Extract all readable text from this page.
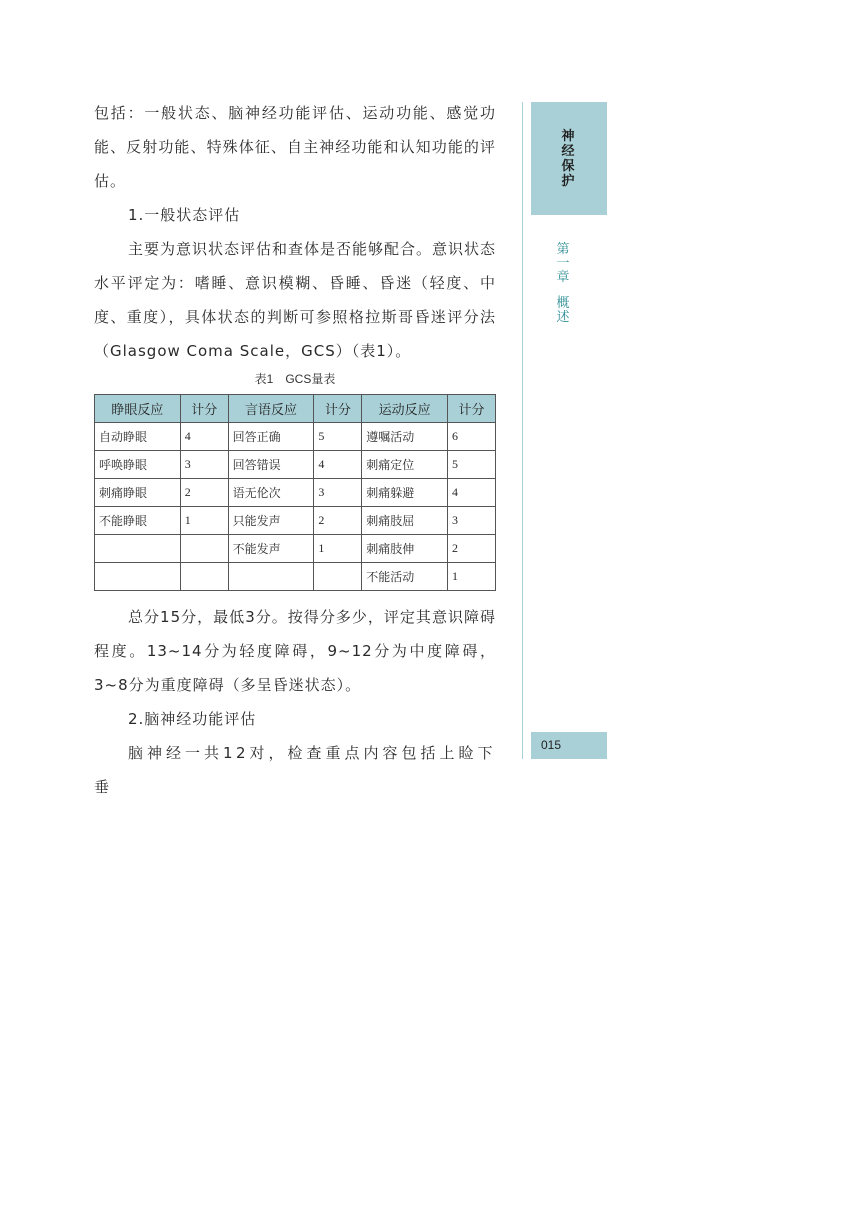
包括：一般状态、脑神经功能评估、运动功能、感觉功能、反射功能、特殊体征、自主神经功能和认知功能的评估。

1.一般状态评估

主要为意识状态评估和查体是否能够配合。意识状态水平评定为：嗜睡、意识模糊、昏睡、昏迷（轻度、中度、重度），具体状态的判断可参照格拉斯哥昏迷评分法（Glasgow Coma Scale，GCS）（表1）。

表1　GCS量表
睁眼反应	计分	言语反应	计分	运动反应	计分
自动睁眼	4	回答正确	5	遵嘱活动	6
呼唤睁眼	3	回答错误	4	刺痛定位	5
刺痛睁眼	2	语无伦次	3	刺痛躲避	4
不能睁眼	1	只能发声	2	刺痛肢屈	3
		不能发声	1	刺痛肢伸	2
				不能活动	1

总分15分，最低3分。按得分多少，评定其意识障碍程度。13~14分为轻度障碍，9~12分为中度障碍，3~8分为重度障碍（多呈昏迷状态）。

2.脑神经功能评估

脑神经一共12对，检查重点内容包括上睑下垂

神
经
保
护
第
一
章
概
述
015
